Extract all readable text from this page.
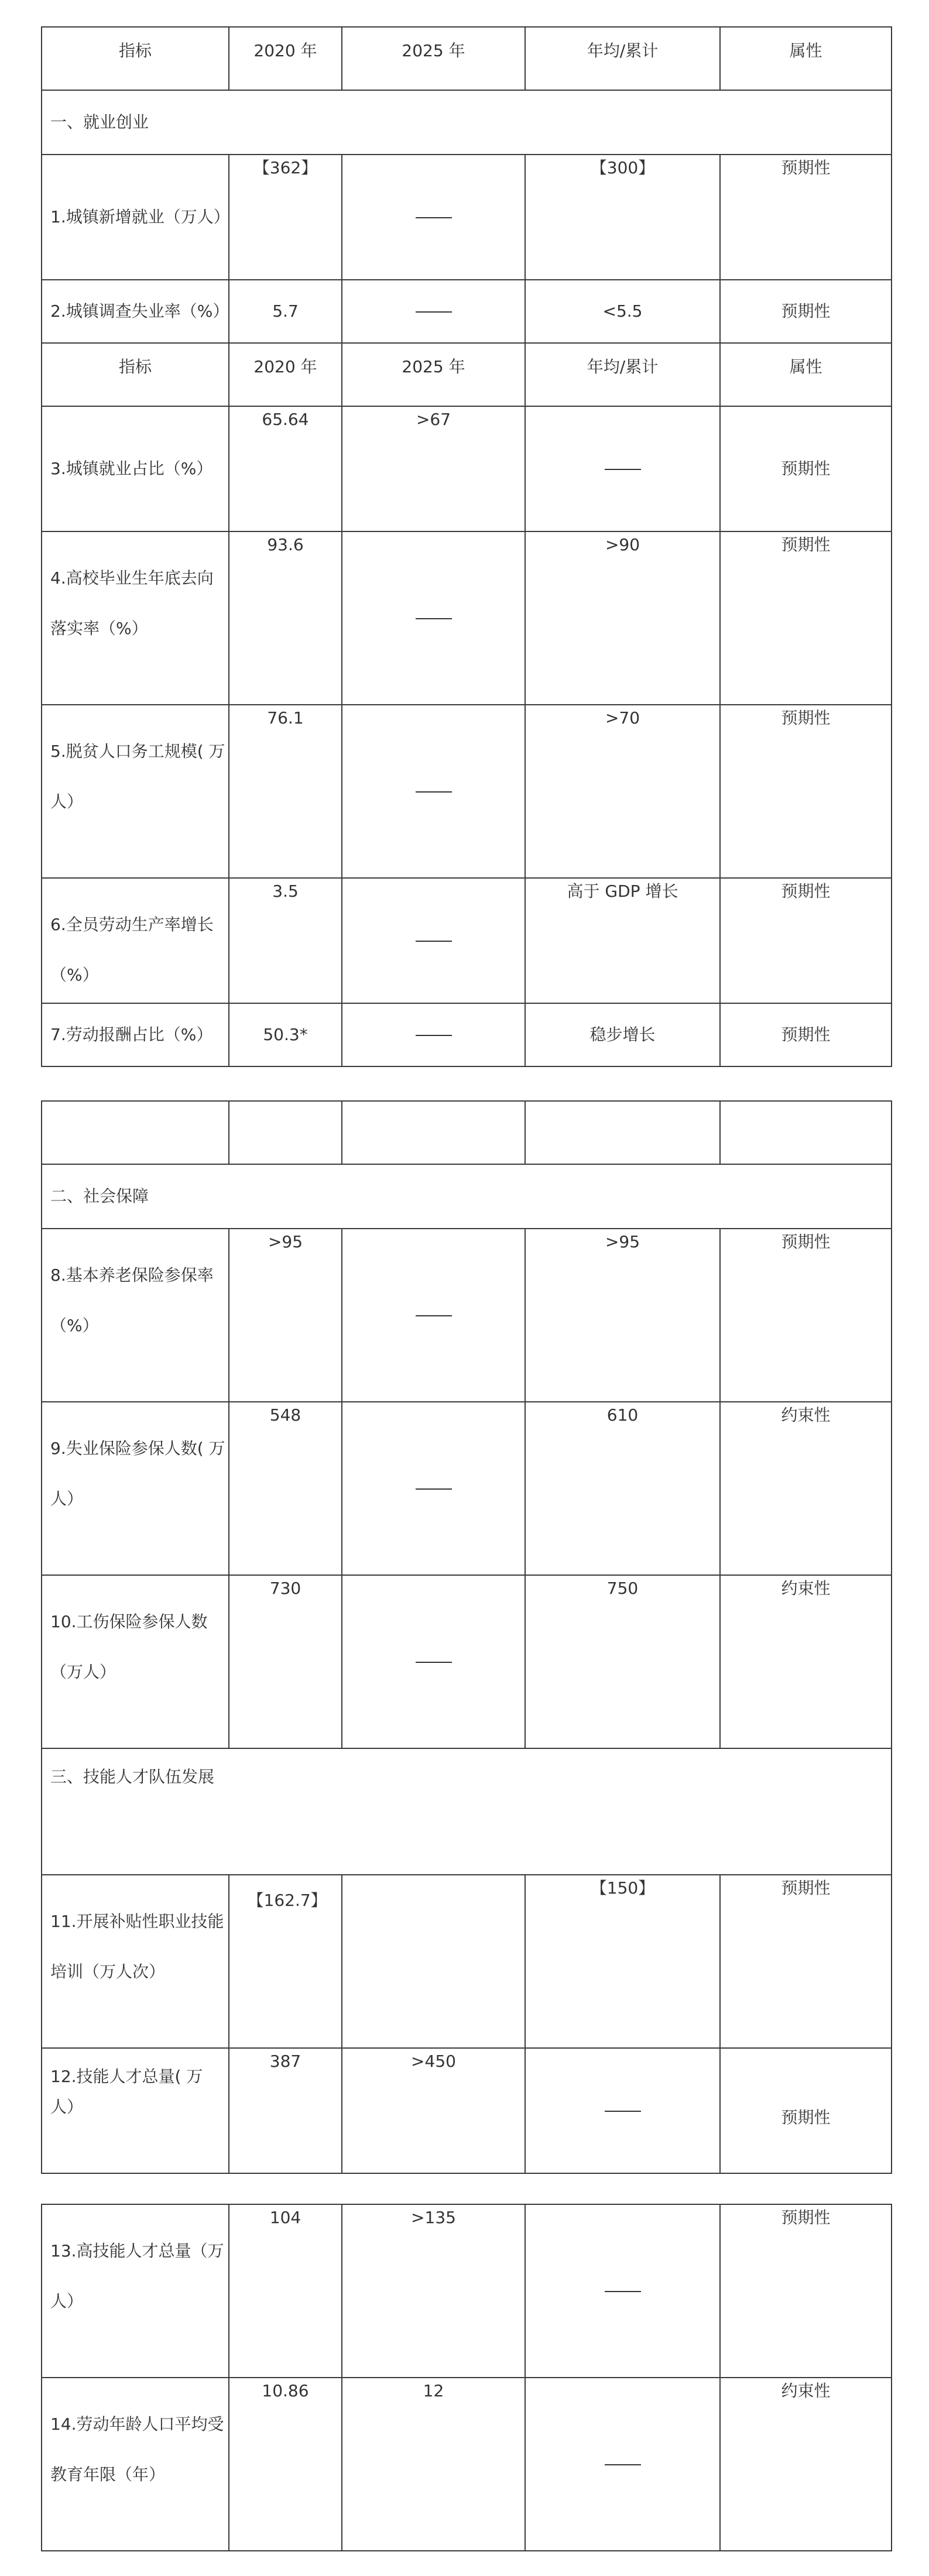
指标	2020 年	2025 年	年均/累计	属性
一、就业创业				
1.城镇新增就业（万人）	【362】		【300】	预期性
2.城镇调查失业率（%）	5.7		<5.5	预期性
指标	2020 年	2025 年	年均/累计	属性
3.城镇就业占比（%）	65.64	>67		预期性
4.高校毕业生年底去向落实率（%）	93.6		>90	预期性
5.脱贫人口务工规模( 万人）	76.1		>70	预期性
6.全员劳动生产率增长（%）	3.5		高于 GDP 增长	预期性
7.劳动报酬占比（%）	50.3*		稳步增长	预期性

二、社会保障				
8.基本养老保险参保率（%）	>95		>95	预期性
9.失业保险参保人数( 万人）	548		610	约束性
10.工伤保险参保人数（万人）	730		750	约束性
三、技能人才队伍发展				
11.开展补贴性职业技能培训（万人次）	【162.7】		【150】	预期性
12.技能人才总量( 万人）	387	>450		预期性
13.高技能人才总量（万人）	104	>135		预期性
14.劳动年龄人口平均受教育年限（年）	10.86	12		约束性
